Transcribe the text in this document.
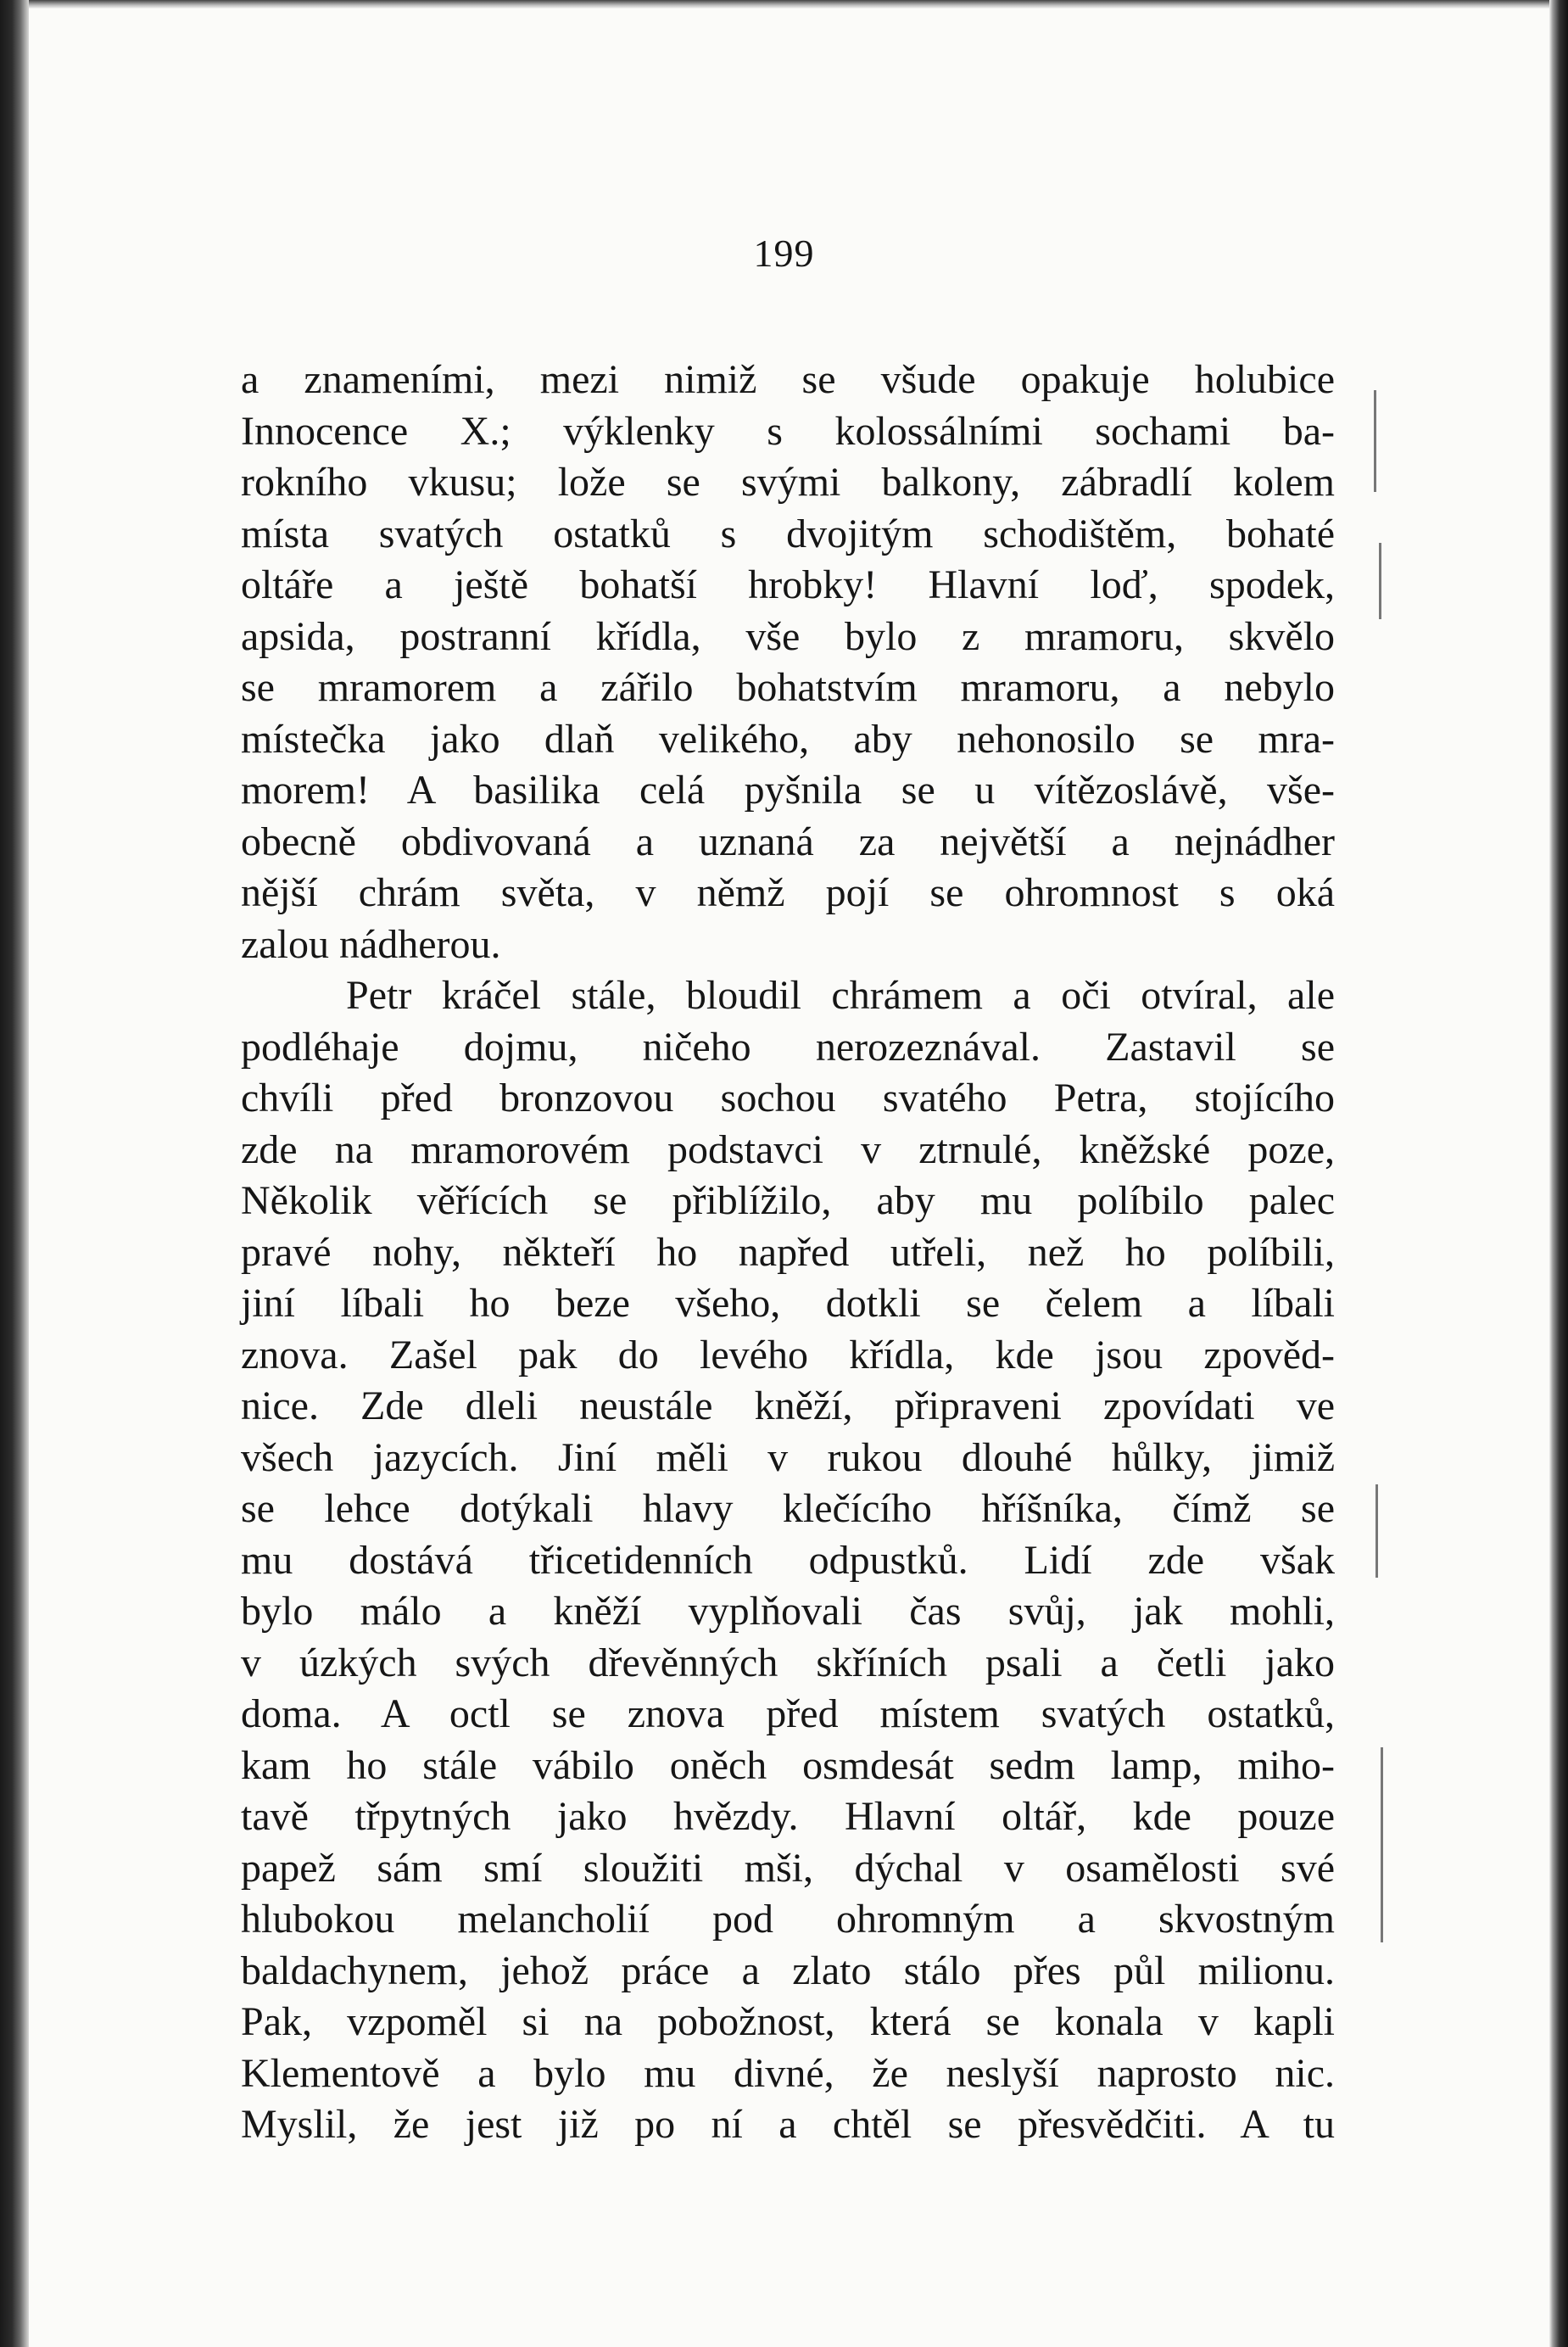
199
a znameními, mezi nimiž se všude opakuje holubice
Innocence X.; výklenky s kolossálními sochami ba-
rokního vkusu; lože se svými balkony, zábradlí kolem
místa svatých ostatků s dvojitým schodištěm, bohaté
oltáře a ještě bohatší hrobky! Hlavní loď, spodek,
apsida, postranní křídla, vše bylo z mramoru, skvělo
se mramorem a zářilo bohatstvím mramoru, a nebylo
místečka jako dlaň velikého, aby nehonosilo se mra-
morem! A basilika celá pyšnila se u vítězoslávě, vše-
obecně obdivovaná a uznaná za největší a nejnádher
nější chrám světa, v němž pojí se ohromnost s oká
zalou nádherou.
Petr kráčel stále, bloudil chrámem a oči otvíral, ale
podléhaje dojmu, ničeho nerozeznával. Zastavil se
chvíli před bronzovou sochou svatého Petra, stojícího
zde na mramorovém podstavci v ztrnulé, kněžské poze,
Několik věřících se přiblížilo, aby mu políbilo palec
pravé nohy, někteří ho napřed utřeli, než ho políbili,
jiní líbali ho beze všeho, dotkli se čelem a líbali
znova. Zašel pak do levého křídla, kde jsou zpověd-
nice. Zde dleli neustále kněží, připraveni zpovídati ve
všech jazycích. Jiní měli v rukou dlouhé hůlky, jimiž
se lehce dotýkali hlavy klečícího hříšníka, čímž se
mu dostává třicetidenních odpustků. Lidí zde však
bylo málo a kněží vyplňovali čas svůj, jak mohli,
v úzkých svých dřevěnných skříních psali a četli jako
doma. A octl se znova před místem svatých ostatků,
kam ho stále vábilo oněch osmdesát sedm lamp, miho-
tavě třpytných jako hvězdy. Hlavní oltář, kde pouze
papež sám smí sloužiti mši, dýchal v osamělosti své
hlubokou melancholií pod ohromným a skvostným
baldachynem, jehož práce a zlato stálo přes půl milionu.
Pak, vzpoměl si na pobožnost, která se konala v kapli
Klementově a bylo mu divné, že neslyší naprosto nic.
Myslil, že jest již po ní a chtěl se přesvědčiti. A tu
